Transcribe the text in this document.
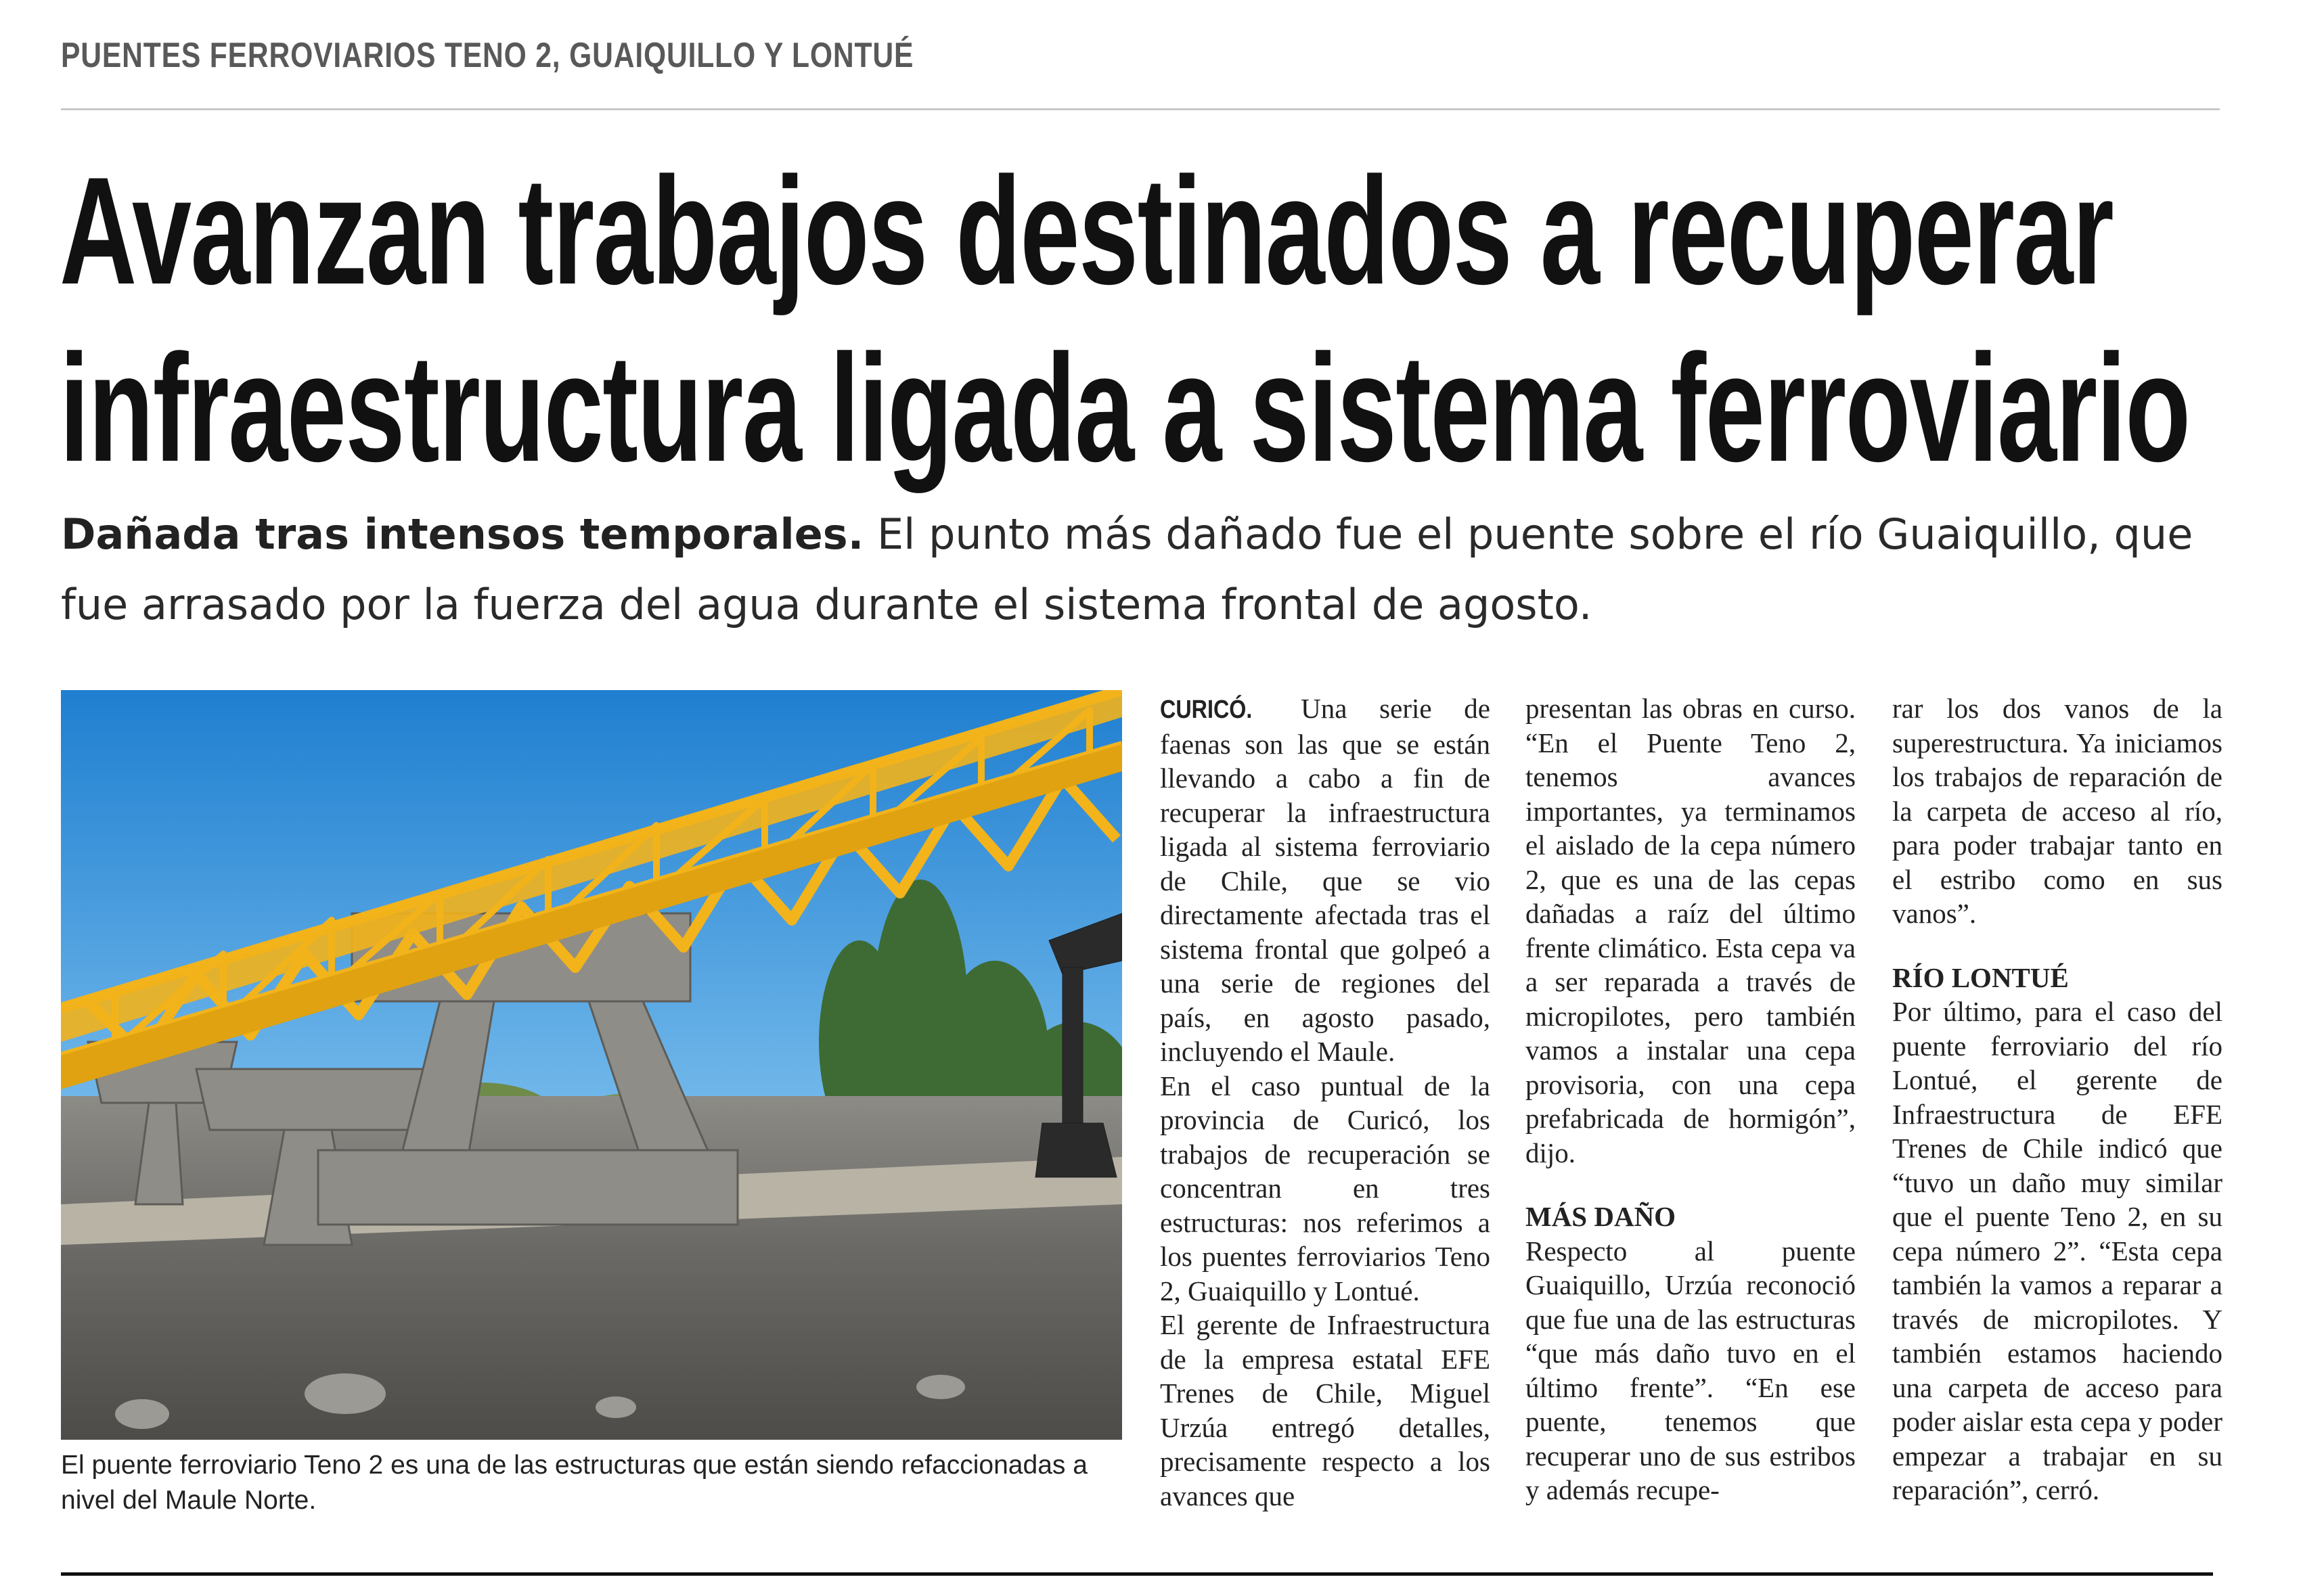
PUENTES FERROVIARIOS TENO 2, GUAIQUILLO Y LONTUÉ
Avanzan trabajos destinados a recuperar
infraestructura ligada a sistema ferroviario
Dañada tras intensos temporales. El punto más dañado fue el puente sobre el río Guaiquillo, que fue arrasado por la fuerza del agua durante el sistema frontal de agosto.
El puente ferroviario Teno 2 es una de las estructuras que están siendo refaccionadas a nivel del Maule Norte.

CURICÓ. Una serie de faenas son las que se están llevando a cabo a fin de recuperar la infraestructura ligada al sistema ferroviario de Chile, que se vio directamente afectada tras el sistema frontal que golpeó a una serie de regiones del país, en agosto pasado, incluyendo el Maule.

En el caso puntual de la provincia de Curicó, los trabajos de recuperación se concentran en tres estructuras: nos referimos a los puentes ferroviarios Teno 2, Guaiquillo y Lontué.

El gerente de Infraestructura de la empresa estatal EFE Trenes de Chile, Miguel Urzúa entregó detalles, precisamente respecto a los avances que

presentan las obras en curso. “En el Puente Teno 2, tenemos avances importantes, ya terminamos el aislado de la cepa número 2, que es una de las cepas dañadas a raíz del último frente climático. Esta cepa va a ser reparada a través de micropilotes, pero también vamos a instalar una cepa provisoria, con una cepa prefabricada de hormigón”, dijo.

MÁS DAÑO

Respecto al puente Guaiquillo, Urzúa reconoció que fue una de las estructuras “que más daño tuvo en el último frente”. “En ese puente, tenemos que recuperar uno de sus estribos y además recupe-

rar los dos vanos de la superestructura. Ya iniciamos los trabajos de reparación de la carpeta de acceso al río, para poder trabajar tanto en el estribo como en sus vanos”.

RÍO LONTUÉ

Por último, para el caso del puente ferroviario del río Lontué, el gerente de Infraestructura de EFE Trenes de Chile indicó que “tuvo un daño muy similar que el puente Teno 2, en su cepa número 2”. “Esta cepa también la vamos a reparar a través de micropilotes. Y también estamos haciendo una carpeta de acceso para poder aislar esta cepa y poder empezar a trabajar en su reparación”, cerró.
